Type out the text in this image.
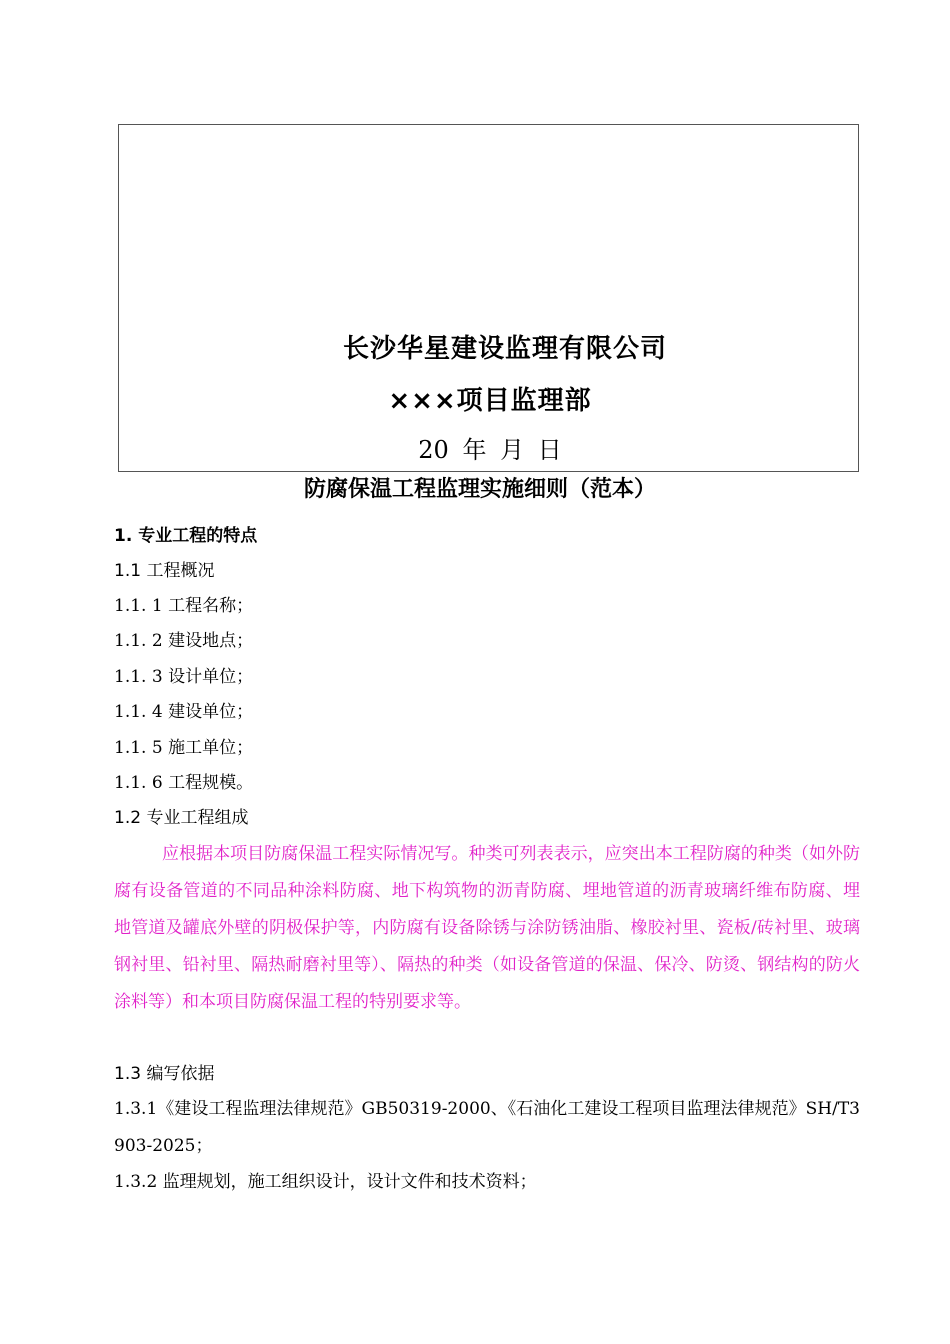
长沙华星建设监理有限公司
×××项目监理部
20 年 月 日
防腐保温工程监理实施细则（范本）
1. 专业工程的特点
1.1 工程概况
1.1. 1 工程名称；
1.1. 2 建设地点；
1.1. 3 设计单位；
1.1. 4 建设单位；
1.1. 5 施工单位；
1.1. 6 工程规模。
1.2 专业工程组成
应根据本项目防腐保温工程实际情况写。种类可列表表示，应突出本工程防腐的种类（如外防腐有设备管道的不同品种涂料防腐、地下构筑物的沥青防腐、埋地管道的沥青玻璃纤维布防腐、埋地管道及罐底外壁的阴极保护等，内防腐有设备除锈与涂防锈油脂、橡胶衬里、瓷板/砖衬里、玻璃钢衬里、铅衬里、隔热耐磨衬里等）、隔热的种类（如设备管道的保温、保冷、防烫、钢结构的防火涂料等）和本项目防腐保温工程的特别要求等。
1.3 编写依据
1.3.1《建设工程监理法律规范》GB50319-2000、《石油化工建设工程项目监理法律规范》SH/T3903-2025；
1.3.2 监理规划，施工组织设计，设计文件和技术资料；
